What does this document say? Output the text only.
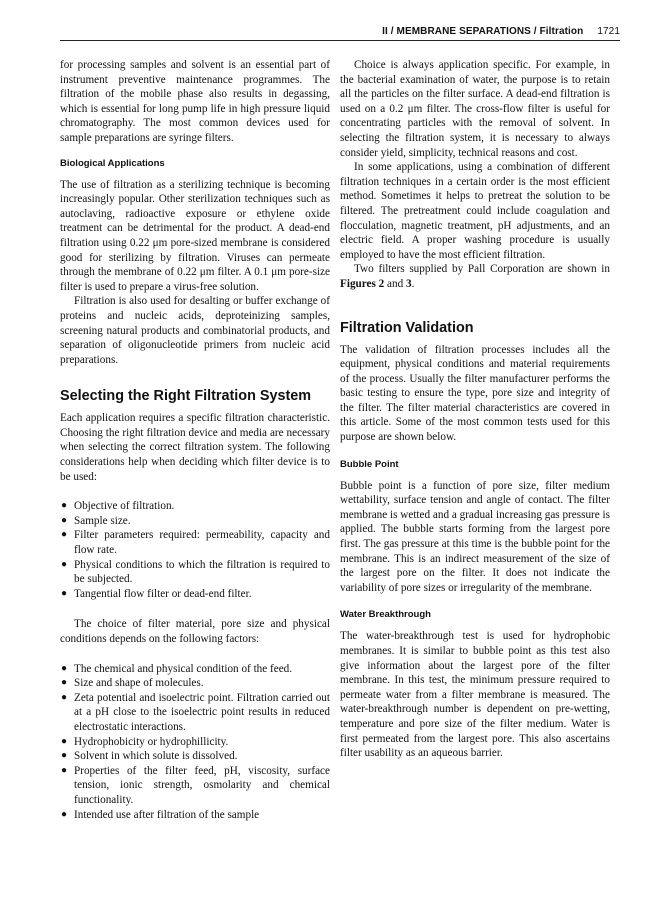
II / MEMBRANE SEPARATIONS / Filtration 1721

for processing samples and solvent is an essential part of instrument preventive maintenance programmes. The filtration of the mobile phase also results in degassing, which is essential for long pump life in high pressure liquid chromatography. The most common devices used for sample preparations are syringe filters.

Biological Applications

The use of filtration as a sterilizing technique is becoming increasingly popular. Other sterilization techniques such as autoclaving, radioactive exposure or ethylene oxide treatment can be detrimental for the product. A dead-end filtration using 0.22 μm pore-sized membrane is considered good for sterilizing by filtration. Viruses can permeate through the membrane of 0.22 μm filter. A 0.1 μm pore-size filter is used to prepare a virus-free solution.

Filtration is also used for desalting or buffer exchange of proteins and nucleic acids, deproteinizing samples, screening natural products and combinatorial products, and separation of oligonucleotide primers from nucleic acid preparations.

Selecting the Right Filtration System

Each application requires a specific filtration characteristic. Choosing the right filtration device and media are necessary when selecting the correct filtration system. The following considerations help when deciding which filter device is to be used:

● Objective of filtration.
● Sample size.
● Filter parameters required: permeability, capacity and flow rate.
● Physical conditions to which the filtration is required to be subjected.
● Tangential flow filter or dead-end filter.

The choice of filter material, pore size and physical conditions depends on the following factors:

● The chemical and physical condition of the feed.
● Size and shape of molecules.
● Zeta potential and isoelectric point. Filtration carried out at a pH close to the isoelectric point results in reduced electrostatic interactions.
● Hydrophobicity or hydrophillicity.
● Solvent in which solute is dissolved.
● Properties of the filter feed, pH, viscosity, surface tension, ionic strength, osmolarity and chemical functionality.
● Intended use after filtration of the sample

Choice is always application specific. For example, in the bacterial examination of water, the purpose is to retain all the particles on the filter surface. A dead-end filtration is used on a 0.2 μm filter. The cross-flow filter is useful for concentrating particles with the removal of solvent. In selecting the filtration system, it is necessary to always consider yield, simplicity, technical reasons and cost.

In some applications, using a combination of different filtration techniques in a certain order is the most efficient method. Sometimes it helps to pretreat the solution to be filtered. The pretreatment could include coagulation and flocculation, magnetic treatment, pH adjustments, and an electric field. A proper washing procedure is usually employed to have the most efficient filtration.

Two filters supplied by Pall Corporation are shown in Figures 2 and 3.

Filtration Validation

The validation of filtration processes includes all the equipment, physical conditions and material requirements of the process. Usually the filter manufacturer performs the basic testing to ensure the type, pore size and integrity of the filter. The filter material characteristics are covered in this article. Some of the most common tests used for this purpose are shown below.

Bubble Point

Bubble point is a function of pore size, filter medium wettability, surface tension and angle of contact. The filter membrane is wetted and a gradual increasing gas pressure is applied. The bubble starts forming from the largest pore first. The gas pressure at this time is the bubble point for the membrane. This is an indirect measurement of the size of the largest pore on the filter. It does not indicate the variability of pore sizes or irregularity of the membrane.

Water Breakthrough

The water-breakthrough test is used for hydrophobic membranes. It is similar to bubble point as this test also give information about the largest pore of the filter membrane. In this test, the minimum pressure required to permeate water from a filter membrane is measured. The water-breakthrough number is dependent on pre-wetting, temperature and pore size of the filter medium. Water is first permeated from the largest pore. This also ascertains filter usability as an aqueous barrier.
